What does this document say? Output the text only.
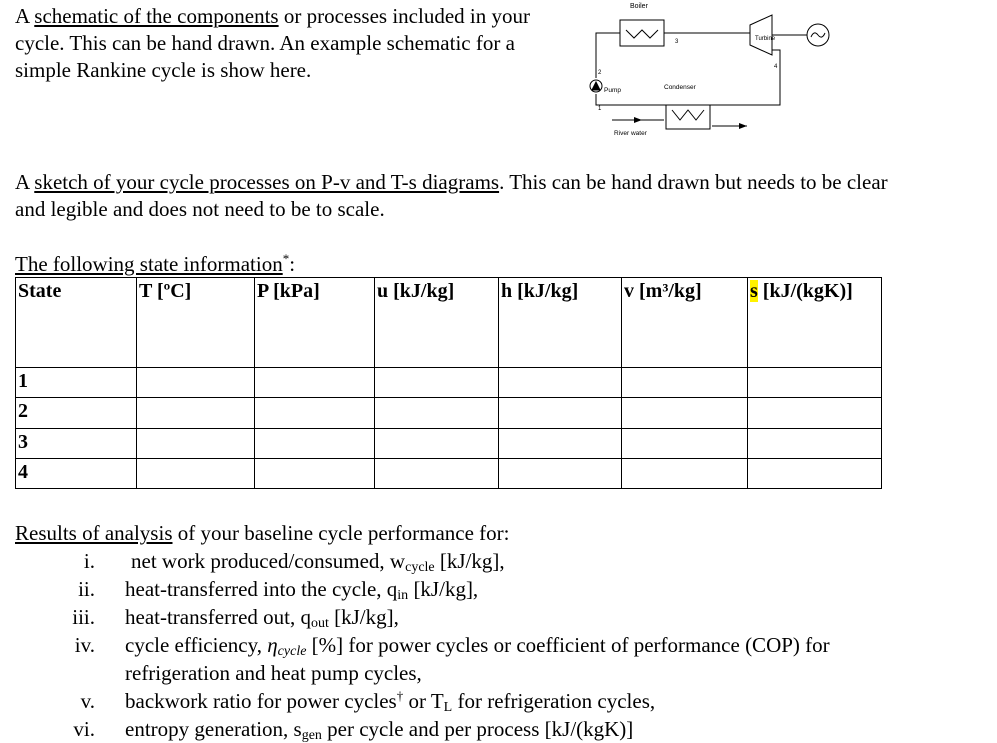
A schematic of the components or processes included in your cycle. This can be hand drawn. An example schematic for a simple Rankine cycle is show here.
Boiler
Turbine
Pump	Condenser
River water
1
2
3
4
A sketch of your cycle processes on P-v and T-s diagrams. This can be hand drawn but needs to be clear and legible and does not need to be to scale.
The following state information*:
State	T [ºC]	P [kPa]	u [kJ/kg]	h [kJ/kg]	v [m³/kg]	s [kJ/(kgK)]
1						
2						
3						
4						
Results of analysis of your baseline cycle performance for:
i. net work produced/consumed, $w_{cycle}$ [kJ/kg],
ii. heat-transferred into the cycle, $q_{in}$ [kJ/kg],
iii. heat-transferred out, $q_{out}$ [kJ/kg],
iv. cycle efficiency, $\eta_{cycle}$ [%] for power cycles or coefficient of performance (COP) for refrigeration and heat pump cycles,
v. backwork ratio for power cycles† or $T_L$ for refrigeration cycles,
vi. entropy generation, $s_{gen}$ per cycle and per process [kJ/(kgK)]
